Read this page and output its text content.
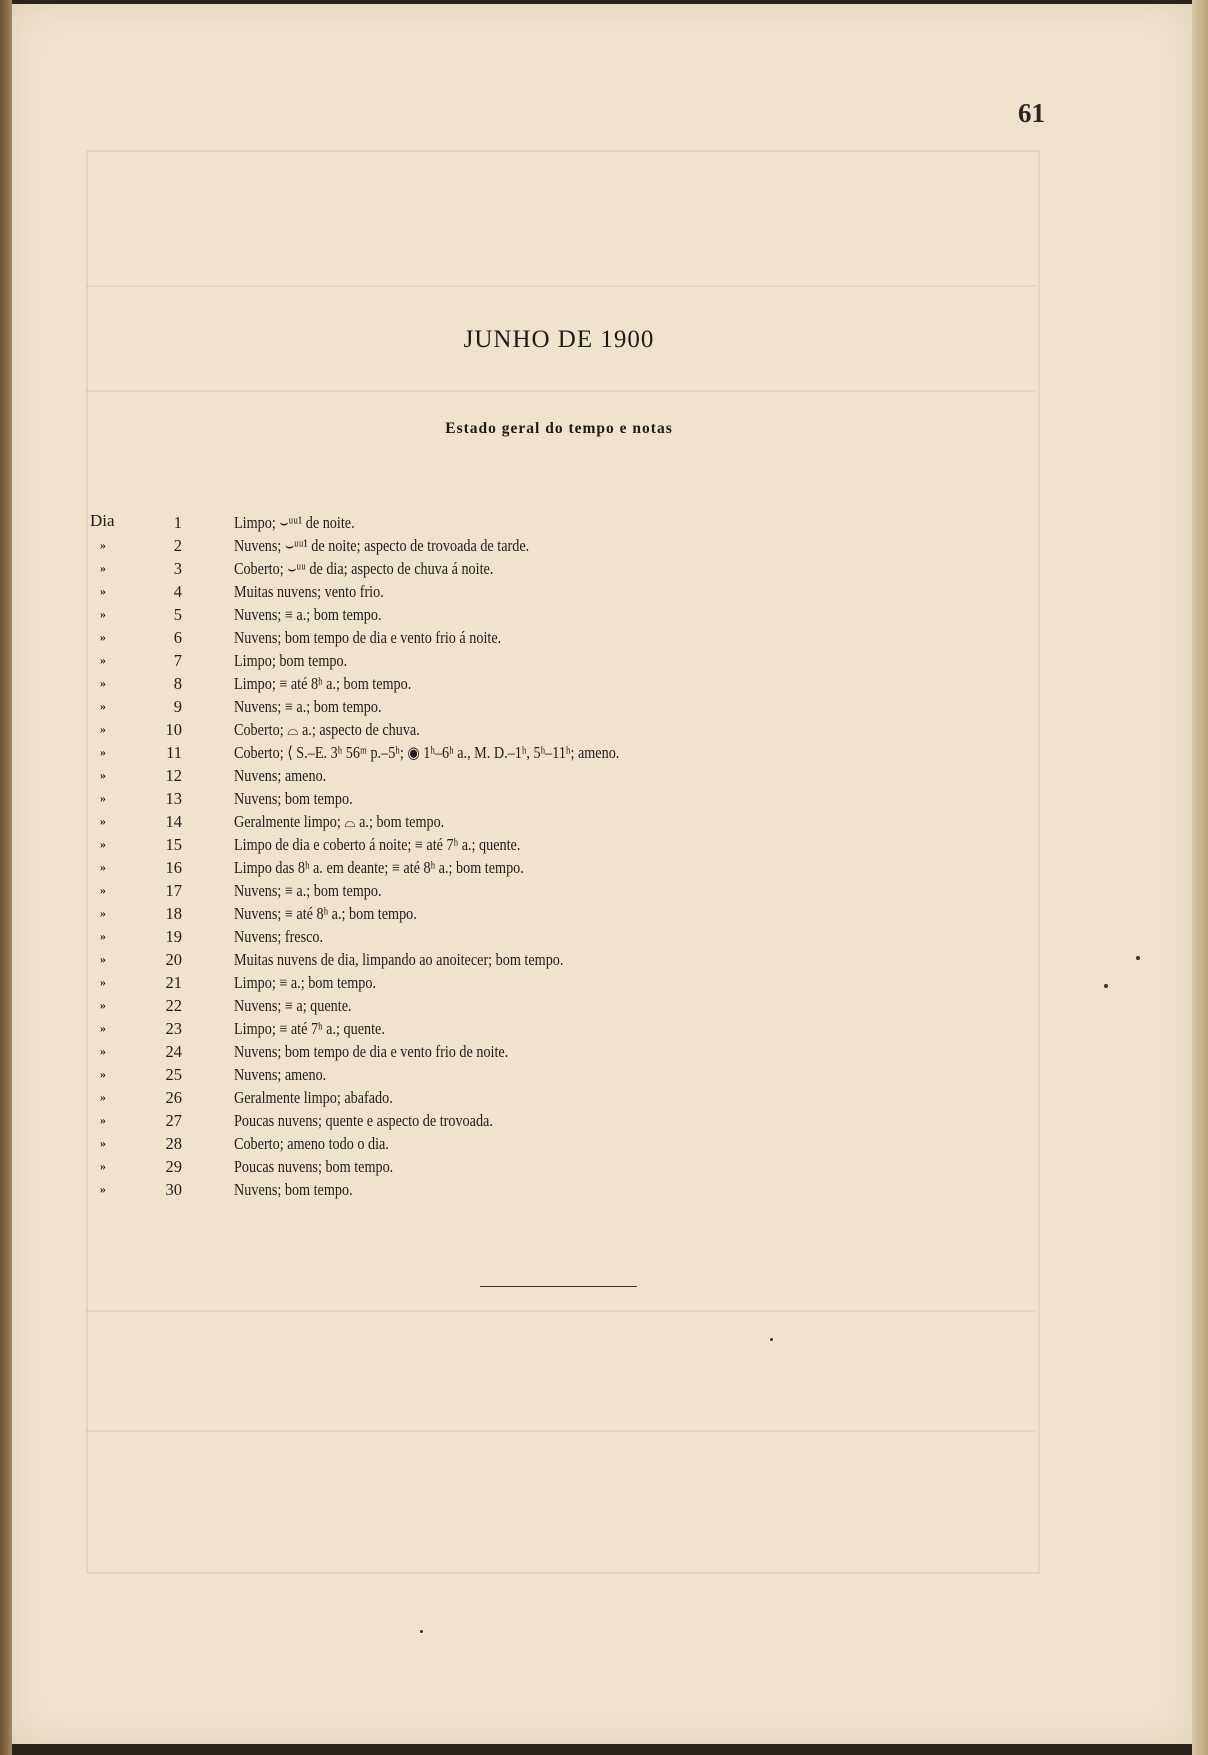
61
JUNHO DE 1900
Estado geral do tempo e notas
Dia	1	Limpo; ⌣ᵘᵘ¹ de noite.
»	2	Nuvens; ⌣ᵘᵘ¹ de noite; aspecto de trovoada de tarde.
»	3	Coberto; ⌣ᵘᵘ de dia; aspecto de chuva á noite.
»	4	Muitas nuvens; vento frio.
»	5	Nuvens; ≡ a.; bom tempo.
»	6	Nuvens; bom tempo de dia e vento frio á noite.
»	7	Limpo; bom tempo.
»	8	Limpo; ≡ até 8ʰ a.; bom tempo.
»	9	Nuvens; ≡ a.; bom tempo.
»	10	Coberto; ⌓ a.; aspecto de chuva.
»	11	Coberto; ⟨ S.–E. 3ʰ 56ᵐ p.–5ʰ; ◉ 1ʰ–6ʰ a., M. D.–1ʰ, 5ʰ–11ʰ; ameno.
»	12	Nuvens; ameno.
»	13	Nuvens; bom tempo.
»	14	Geralmente limpo; ⌓ a.; bom tempo.
»	15	Limpo de dia e coberto á noite; ≡ até 7ʰ a.; quente.
»	16	Limpo das 8ʰ a. em deante; ≡ até 8ʰ a.; bom tempo.
»	17	Nuvens; ≡ a.; bom tempo.
»	18	Nuvens; ≡ até 8ʰ a.; bom tempo.
»	19	Nuvens; fresco.
»	20	Muitas nuvens de dia, limpando ao anoitecer; bom tempo.
»	21	Limpo; ≡ a.; bom tempo.
»	22	Nuvens; ≡ a; quente.
»	23	Limpo; ≡ até 7ʰ a.; quente.
»	24	Nuvens; bom tempo de dia e vento frio de noite.
»	25	Nuvens; ameno.
»	26	Geralmente limpo; abafado.
»	27	Poucas nuvens; quente e aspecto de trovoada.
»	28	Coberto; ameno todo o dia.
»	29	Poucas nuvens; bom tempo.
»	30	Nuvens; bom tempo.
